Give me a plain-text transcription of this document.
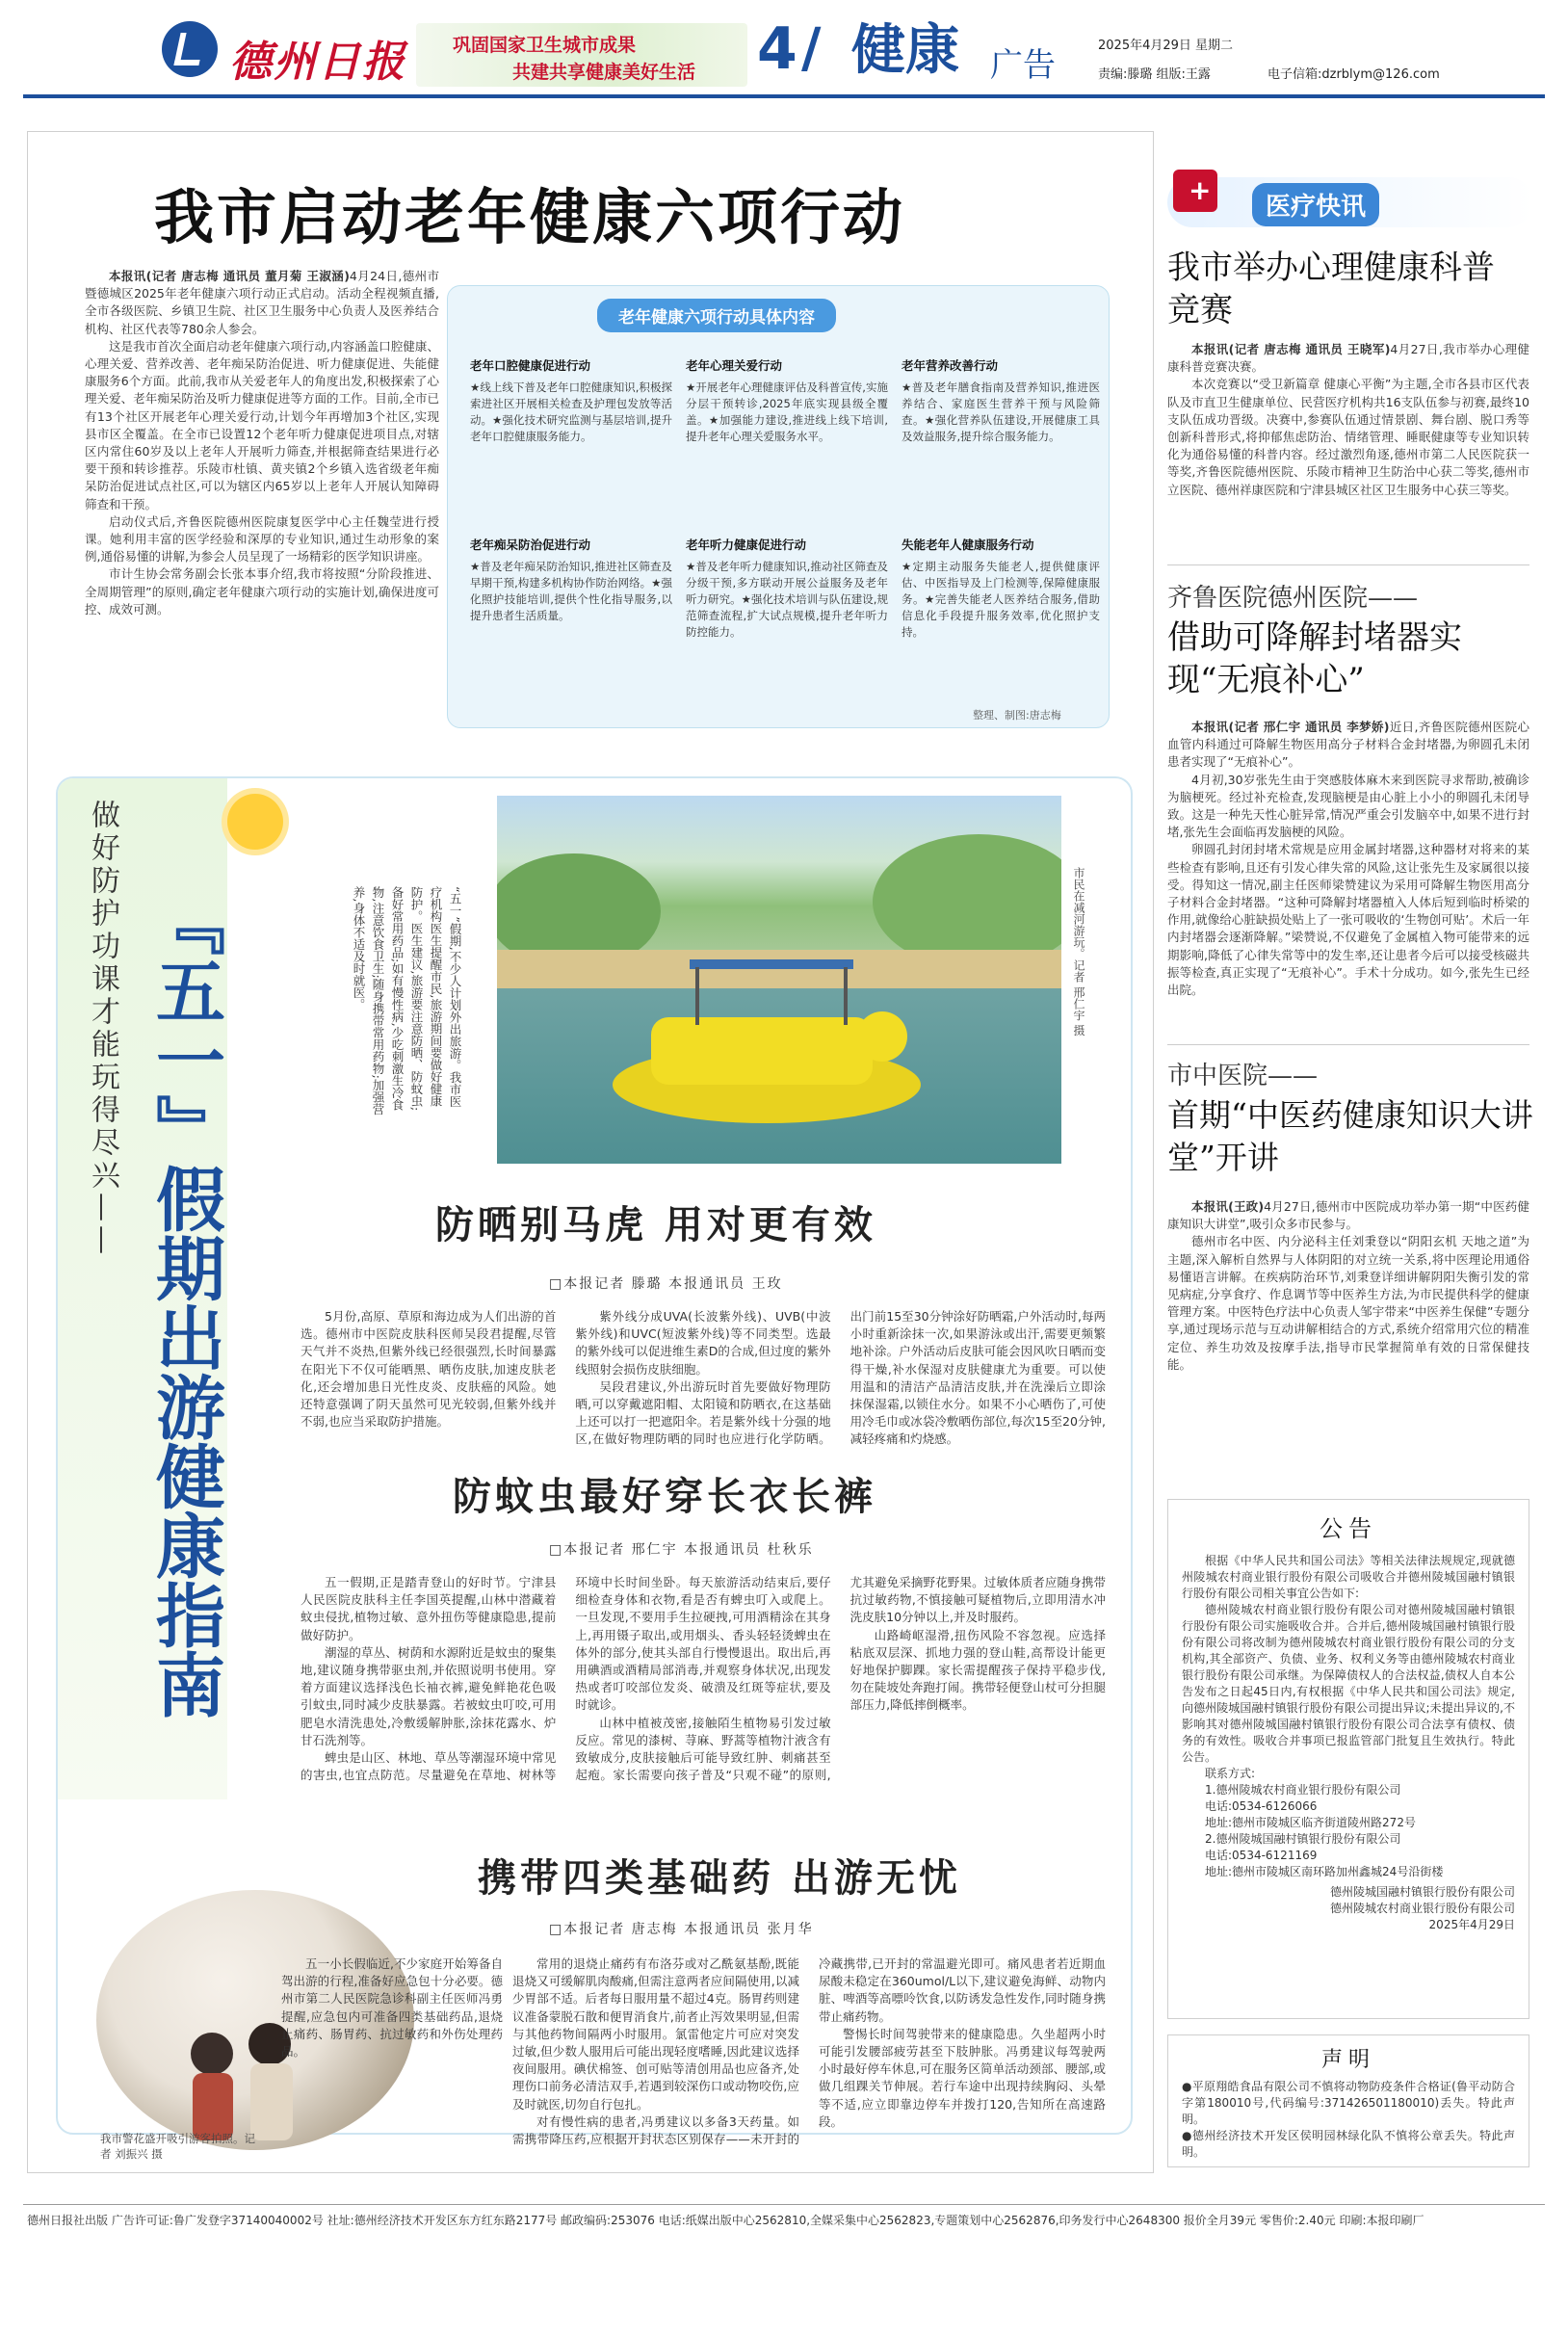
德州日报	巩固国家卫生城市成果
共建共享健康美好生活 4 / 健康 广告
2025年4月29日 星期二
责编:滕璐 组版:王露	电子信箱:dzrblym@126.com
我市启动老年健康六项行动

本报讯(记者 唐志梅 通讯员 董月菊 王淑涵)4月24日,德州市暨德城区2025年老年健康六项行动正式启动。活动全程视频直播,全市各级医院、乡镇卫生院、社区卫生服务中心负责人及医养结合机构、社区代表等780余人参会。

这是我市首次全面启动老年健康六项行动,内容涵盖口腔健康、心理关爱、营养改善、老年痴呆防治促进、听力健康促进、失能健康服务6个方面。此前,我市从关爱老年人的角度出发,积极探索了心理关爱、老年痴呆防治及听力健康促进等方面的工作。目前,全市已有13个社区开展老年心理关爱行动,计划今年再增加3个社区,实现县市区全覆盖。在全市已设置12个老年听力健康促进项目点,对辖区内常住60岁及以上老年人开展听力筛查,并根据筛查结果进行必要干预和转诊推荐。乐陵市杜镇、黄夹镇2个乡镇入选省级老年痴呆防治促进试点社区,可以为辖区内65岁以上老年人开展认知障碍筛查和干预。

启动仪式后,齐鲁医院德州医院康复医学中心主任魏莹进行授课。她利用丰富的医学经验和深厚的专业知识,通过生动形象的案例,通俗易懂的讲解,为参会人员呈现了一场精彩的医学知识讲座。

市计生协会常务副会长张本事介绍,我市将按照“分阶段推进、全周期管理”的原则,确定老年健康六项行动的实施计划,确保进度可控、成效可测。

老年健康六项行动具体内容
老年口腔健康促进行动
★线上线下普及老年口腔健康知识,积极探索进社区开展相关检查及护理包发放等活动。★强化技术研究监测与基层培训,提升老年口腔健康服务能力。
老年心理关爱行动
★开展老年心理健康评估及科普宣传,实施分层干预转诊,2025年底实现县级全覆盖。★加强能力建设,推进线上线下培训,提升老年心理关爱服务水平。
老年营养改善行动
★普及老年膳食指南及营养知识,推进医养结合、家庭医生营养干预与风险筛查。★强化营养队伍建设,开展健康工具及效益服务,提升综合服务能力。
老年痴呆防治促进行动
★普及老年痴呆防治知识,推进社区筛查及早期干预,构建多机构协作防治网络。★强化照护技能培训,提供个性化指导服务,以提升患者生活质量。
老年听力健康促进行动
★普及老年听力健康知识,推动社区筛查及分级干预,多方联动开展公益服务及老年听力研究。★强化技术培训与队伍建设,规范筛查流程,扩大试点规模,提升老年听力防控能力。
失能老年人健康服务行动
★定期主动服务失能老人,提供健康评估、中医指导及上门检测等,保障健康服务。★完善失能老人医养结合服务,借助信息化手段提升服务效率,优化照护支持。
整理、制图:唐志梅
做好防护功课才能玩得尽兴—— 『五一』假期出游健康指南
“五一”假期,不少人计划外出旅游。我市医疗机构医生提醒市民,旅游期间要做好健康防护。医生建议,旅游要注意防晒、防蚊虫;备好常用药品;如有慢性病,少吃刺激生冷食物,注意饮食卫生;随身携带常用药物;加强营养,身体不适及时就医。	市民在减河游玩。记者 邢仁宇 摄
防晒别马虎 用对更有效
□本报记者 滕璐 本报通讯员 王玫

5月份,高原、草原和海边成为人们出游的首选。德州市中医院皮肤科医师吴段君提醒,尽管天气并不炎热,但紫外线已经很强烈,长时间暴露在阳光下不仅可能晒黑、晒伤皮肤,加速皮肤老化,还会增加患日光性皮炎、皮肤癌的风险。她还特意强调了阴天虽然可见光较弱,但紫外线并不弱,也应当采取防护措施。

紫外线分成UVA(长波紫外线)、UVB(中波紫外线)和UVC(短波紫外线)等不同类型。选最的紫外线可以促进维生素D的合成,但过度的紫外线照射会损伤皮肤细胞。

吴段君建议,外出游玩时首先要做好物理防晒,可以穿戴遮阳帽、太阳镜和防晒衣,在这基础上还可以打一把遮阳伞。若是紫外线十分强的地区,在做好物理防晒的同时也应进行化学防晒。出门前15至30分钟涂好防晒霜,户外活动时,每两小时重新涂抹一次,如果游泳或出汗,需要更频繁地补涂。户外活动后皮肤可能会因风吹日晒而变得干燥,补水保湿对皮肤健康尤为重要。可以使用温和的清洁产品清洁皮肤,并在洗澡后立即涂抹保湿霜,以锁住水分。如果不小心晒伤了,可使用冷毛巾或冰袋冷敷晒伤部位,每次15至20分钟,减轻疼痛和灼烧感。

防蚊虫最好穿长衣长裤
□本报记者 邢仁宇 本报通讯员 杜秋乐

五一假期,正是踏青登山的好时节。宁津县人民医院皮肤科主任李国英提醒,山林中潜藏着蚊虫侵扰,植物过敏、意外扭伤等健康隐患,提前做好防护。

潮湿的草丛、树荫和水源附近是蚊虫的聚集地,建议随身携带驱虫剂,并依照说明书使用。穿着方面建议选择浅色长袖衣裤,避免鲜艳花色吸引蚊虫,同时减少皮肤暴露。若被蚊虫叮咬,可用肥皂水清洗患处,冷敷缓解肿胀,涂抹花露水、炉甘石洗剂等。

蜱虫是山区、林地、草丛等潮湿环境中常见的害虫,也宜点防范。尽量避免在草地、树林等环境中长时间坐卧。每天旅游活动结束后,要仔细检查身体和衣物,看是否有蜱虫叮入或爬上。一旦发现,不要用手生拉硬拽,可用酒精涂在其身上,再用镊子取出,或用烟头、香头轻轻烫蜱虫在体外的部分,使其头部自行慢慢退出。取出后,再用碘酒或酒精局部消毒,并观察身体状况,出现发热或者叮咬部位发炎、破溃及红斑等症状,要及时就诊。

山林中植被茂密,接触陌生植物易引发过敏反应。常见的漆树、荨麻、野蒿等植物汁液含有致敏成分,皮肤接触后可能导致红肿、刺痛甚至起疱。家长需要向孩子普及“只观不碰”的原则,尤其避免采摘野花野果。过敏体质者应随身携带抗过敏药物,不慎接触可疑植物后,立即用清水冲洗皮肤10分钟以上,并及时服药。

山路崎岖湿滑,扭伤风险不容忽视。应选择粘底双层深、抓地力强的登山鞋,高帮设计能更好地保护脚踝。家长需提醒孩子保持平稳步伐,勿在陡坡处奔跑打闹。携带轻便登山杖可分担腿部压力,降低摔倒概率。

携带四类基础药 出游无忧
□本报记者 唐志梅 本报通讯员 张月华
我市警花盛开吸引游客拍照。记者 刘振兴 摄

五一小长假临近,不少家庭开始筹备自驾出游的行程,准备好应急包十分必要。德州市第二人民医院急诊科副主任医师冯勇提醒,应急包内可准备四类基础药品,退烧止痛药、肠胃药、抗过敏药和外伤处理药品。

常用的退烧止痛药有布洛芬或对乙酰氨基酚,既能退烧又可缓解肌肉酸痛,但需注意两者应间隔使用,以减少胃部不适。后者每日服用量不超过4克。肠胃药则建议准备蒙脱石散和便胃消食片,前者止泻效果明显,但需与其他药物间隔两小时服用。氯雷他定片可应对突发过敏,但少数人服用后可能出现轻度嗜睡,因此建议选择夜间服用。碘伏棉签、创可贴等清创用品也应备齐,处理伤口前务必清洁双手,若遇到较深伤口或动物咬伤,应及时就医,切勿自行包扎。

对有慢性病的患者,冯勇建议以多备3天药量。如需携带降压药,应根据开封状态区别保存——未开封的冷藏携带,已开封的常温避光即可。痛风患者若近期血尿酸未稳定在360umol/L以下,建议避免海鲜、动物内脏、啤酒等高嘌呤饮食,以防诱发急性发作,同时随身携带止痛药物。

警惕长时间驾驶带来的健康隐患。久坐超两小时可能引发腰部疲劳甚至下肢肿胀。冯勇建议每驾驶两小时最好停车休息,可在服务区简单活动颈部、腰部,或做几组踝关节伸展。若行车途中出现持续胸闷、头晕等不适,应立即靠边停车并拨打120,告知所在高速路段。

+
医疗快讯
我市举办心理健康科普竞赛

本报讯(记者 唐志梅 通讯员 王晓军)4月27日,我市举办心理健康科普竞赛决赛。

本次竞赛以“受卫新篇章 健康心平衡”为主题,全市各县市区代表队及市直卫生健康单位、民营医疗机构共16支队伍参与初赛,最终10支队伍成功晋级。决赛中,参赛队伍通过情景剧、舞台剧、脱口秀等创新科普形式,将抑郁焦虑防治、情绪管理、睡眠健康等专业知识转化为通俗易懂的科普内容。经过激烈角逐,德州市第二人民医院获一等奖,齐鲁医院德州医院、乐陵市精神卫生防治中心获二等奖,德州市立医院、德州祥康医院和宁津县城区社区卫生服务中心获三等奖。

齐鲁医院德州医院——
借助可降解封堵器实现“无痕补心”

本报讯(记者 邢仁宇 通讯员 李梦娇)近日,齐鲁医院德州医院心血管内科通过可降解生物医用高分子材料合金封堵器,为卵圆孔未闭患者实现了“无痕补心”。

4月初,30岁张先生由于突感肢体麻木来到医院寻求帮助,被确诊为脑梗死。经过补充检查,发现脑梗是由心脏上小小的卵圆孔未闭导致。这是一种先天性心脏异常,情况严重会引发脑卒中,如果不进行封堵,张先生会面临再发脑梗的风险。

卵圆孔封闭封堵术常规是应用金属封堵器,这种器材对将来的某些检查有影响,且还有引发心律失常的风险,这让张先生及家属很以接受。得知这一情况,副主任医师梁赞建议为采用可降解生物医用高分子材料合金封堵器。“这种可降解封堵器植入人体后短到临时桥梁的作用,就像给心脏缺损处贴上了一张可吸收的‘生物创可贴’。术后一年内封堵器会逐渐降解。”梁赞说,不仅避免了金属植入物可能带来的远期影响,降低了心律失常等中的发生率,还让患者今后可以接受核磁共振等检查,真正实现了“无痕补心”。手术十分成功。如今,张先生已经出院。

市中医院——
首期“中医药健康知识大讲堂”开讲

本报讯(王政)4月27日,德州市中医院成功举办第一期“中医药健康知识大讲堂”,吸引众多市民参与。

德州市名中医、内分泌科主任刘秉登以“阴阳玄机 天地之道”为主题,深入解析自然界与人体阴阳的对立统一关系,将中医理论用通俗易懂语言讲解。在疾病防治环节,刘秉登详细讲解阴阳失衡引发的常见病症,分享食疗、作息调节等中医养生方法,为市民提供科学的健康管理方案。中医特色疗法中心负责人邹宇带来“中医养生保健”专题分享,通过现场示范与互动讲解相结合的方式,系统介绍常用穴位的精准定位、养生功效及按摩手法,指导市民掌握简单有效的日常保健技能。

公告

根据《中华人民共和国公司法》等相关法律法规规定,现就德州陵城农村商业银行股份有限公司吸收合并德州陵城国融村镇银行股份有限公司相关事宜公告如下:

德州陵城农村商业银行股份有限公司对德州陵城国融村镇银行股份有限公司实施吸收合并。合并后,德州陵城国融村镇银行股份有限公司将改制为德州陵城农村商业银行股份有限公司的分支机构,其全部资产、负债、业务、权利义务等由德州陵城农村商业银行股份有限公司承继。为保障债权人的合法权益,债权人自本公告发布之日起45日内,有权根据《中华人民共和国公司法》规定,向德州陵城国融村镇银行股份有限公司提出异议;未提出异议的,不影响其对德州陵城国融村镇银行股份有限公司合法享有债权、债务的有效性。吸收合并事项已报监管部门批复且生效执行。特此公告。

联系方式:
1.德州陵城农村商业银行股份有限公司
电话:0534-6126066
地址:德州市陵城区临齐街道陵州路272号
2.德州陵城国融村镇银行股份有限公司
电话:0534-6121169
地址:德州市陵城区南环路加州鑫城24号沿街楼
德州陵城国融村镇银行股份有限公司
德州陵城农村商业银行股份有限公司
2025年4月29日
声明
●平原翔皓食品有限公司不慎将动物防疫条件合格证(鲁平动防合字第180010号,代码编号:371426501180010)丢失。特此声明。
●德州经济技术开发区侯明园林绿化队不慎将公章丢失。特此声明。
德州日报社出版 广告许可证:鲁广发登字37140040002号 社址:德州经济技术开发区东方红东路2177号 邮政编码:253076 电话:纸媒出版中心2562810,全媒采集中心2562823,专题策划中心2562876,印务发行中心2648300 报价全月39元 零售价:2.40元 印刷:本报印刷厂
